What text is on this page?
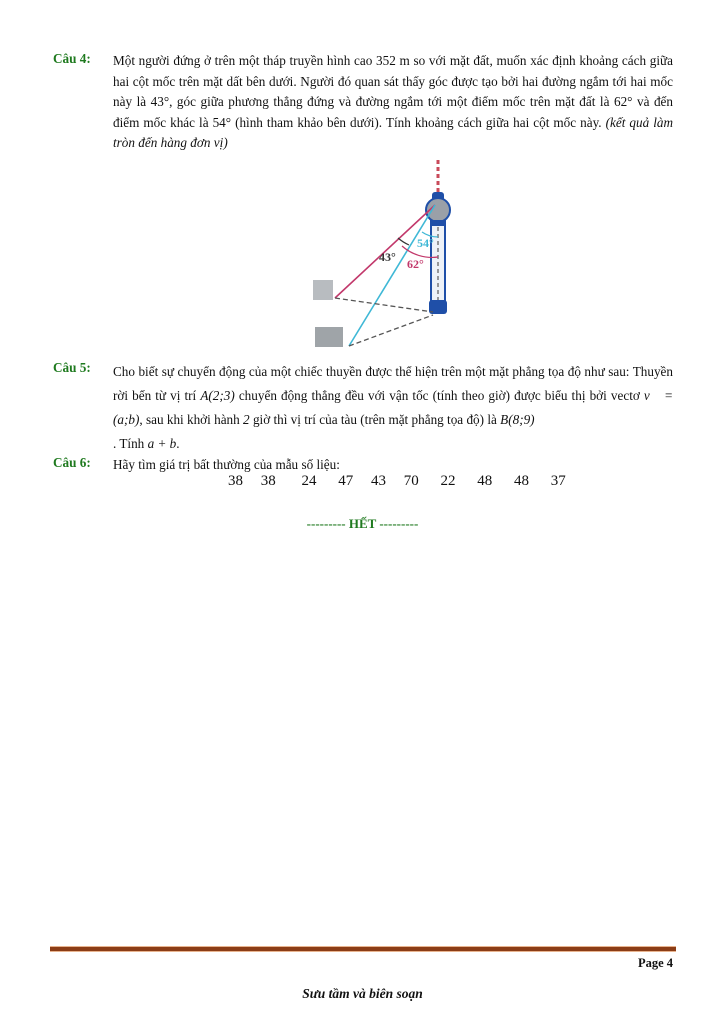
Câu 4:	Một người đứng ở trên một tháp truyền hình cao 352 m so với mặt đất, muốn xác định khoảng cách giữa hai cột mốc trên mặt dất bên dưới. Người đó quan sát thấy góc được tạo bởi hai đường ngắm tới hai mốc này là 43°, góc giữa phương thẳng đứng và đường ngắm tới một điểm mốc trên mặt đất là 62° và đến điểm mốc khác là 54° (hình tham khảo bên dưới). Tính khoảng cách giữa hai cột mốc này. (kết quả làm tròn đến hàng đơn vị)
54°
43° 62°
Câu 5:	Cho biết sự chuyển động của một chiếc thuyền được thể hiện trên một mặt phẳng tọa độ như sau: Thuyền rời bến từ vị trí A(2;3) chuyển động thẳng đều với vận tốc (tính theo giờ) được biểu thị bởi vectơ v⃗ = (a;b), sau khi khởi hành 2 giờ thì vị trí của tàu (trên mặt phẳng tọa độ) là B(8;9)
. Tính a + b.
Câu 6:	Hãy tìm giá trị bất thường của mẫu số liệu:
38 38 24 47 43 70 22 48 48 37
--------- HẾT ---------
Page 4
Sưu tầm và biên soạn
